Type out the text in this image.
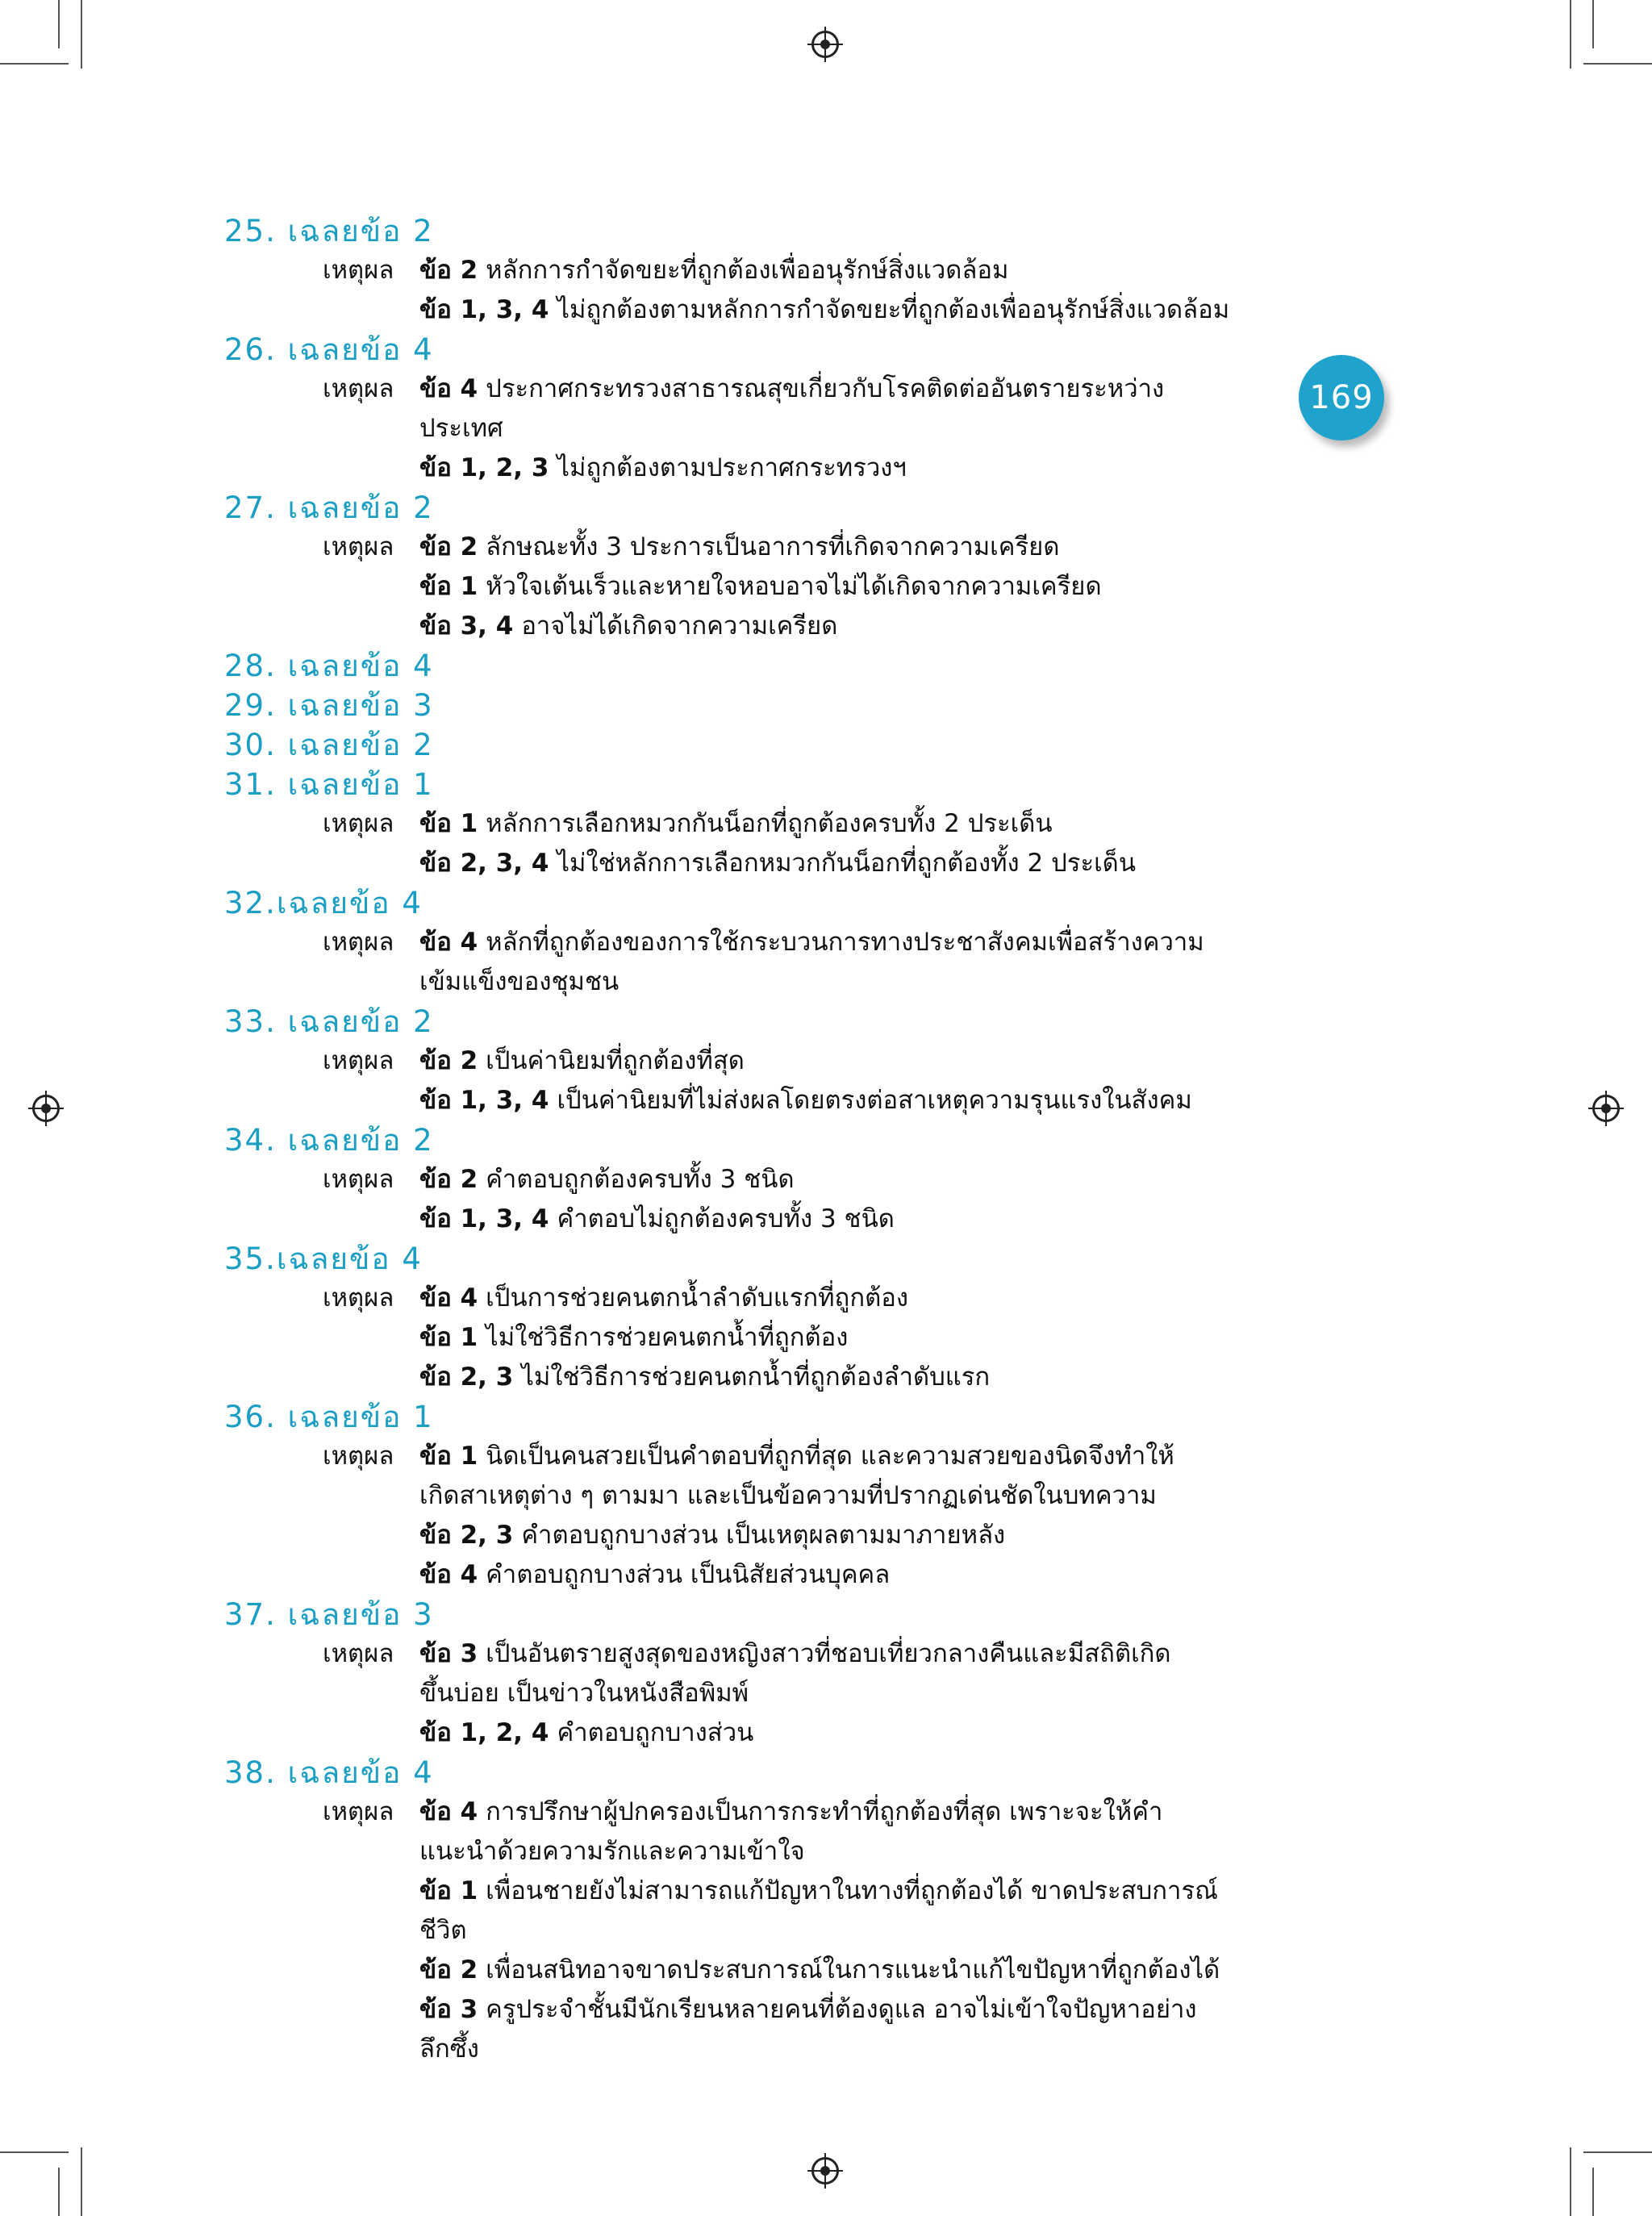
169
25. เฉลยข้อ 2
เหตุผล	ข้อ 2 หลักการกำจัดขยะที่ถูกต้องเพื่ออนุรักษ์สิ่งแวดล้อม
ข้อ 1, 3, 4 ไม่ถูกต้องตามหลักการกำจัดขยะที่ถูกต้องเพื่ออนุรักษ์สิ่งแวดล้อม
26. เฉลยข้อ 4
เหตุผล	ข้อ 4 ประกาศกระทรวงสาธารณสุขเกี่ยวกับโรคติดต่ออันตรายระหว่าง
ประเทศ
ข้อ 1, 2, 3 ไม่ถูกต้องตามประกาศกระทรวงฯ
27. เฉลยข้อ 2
เหตุผล	ข้อ 2 ลักษณะทั้ง 3 ประการเป็นอาการที่เกิดจากความเครียด
ข้อ 1 หัวใจเต้นเร็วและหายใจหอบอาจไม่ได้เกิดจากความเครียด
ข้อ 3, 4 อาจไม่ได้เกิดจากความเครียด
28. เฉลยข้อ 4
29. เฉลยข้อ 3
30. เฉลยข้อ 2
31. เฉลยข้อ 1
เหตุผล	ข้อ 1 หลักการเลือกหมวกกันน็อกที่ถูกต้องครบทั้ง 2 ประเด็น
ข้อ 2, 3, 4 ไม่ใช่หลักการเลือกหมวกกันน็อกที่ถูกต้องทั้ง 2 ประเด็น
32.เฉลยข้อ 4
เหตุผล	ข้อ 4 หลักที่ถูกต้องของการใช้กระบวนการทางประชาสังคมเพื่อสร้างความ
เข้มแข็งของชุมชน
33. เฉลยข้อ 2
เหตุผล	ข้อ 2 เป็นค่านิยมที่ถูกต้องที่สุด
ข้อ 1, 3, 4 เป็นค่านิยมที่ไม่ส่งผลโดยตรงต่อสาเหตุความรุนแรงในสังคม
34. เฉลยข้อ 2
เหตุผล	ข้อ 2 คำตอบถูกต้องครบทั้ง 3 ชนิด
ข้อ 1, 3, 4 คำตอบไม่ถูกต้องครบทั้ง 3 ชนิด
35.เฉลยข้อ 4
เหตุผล	ข้อ 4 เป็นการช่วยคนตกน้ำลำดับแรกที่ถูกต้อง
ข้อ 1 ไม่ใช่วิธีการช่วยคนตกน้ำที่ถูกต้อง
ข้อ 2, 3 ไม่ใช่วิธีการช่วยคนตกน้ำที่ถูกต้องลำดับแรก
36. เฉลยข้อ 1
เหตุผล	ข้อ 1 นิดเป็นคนสวยเป็นคำตอบที่ถูกที่สุด และความสวยของนิดจึงทำให้
เกิดสาเหตุต่าง ๆ ตามมา และเป็นข้อความที่ปรากฏเด่นชัดในบทความ
ข้อ 2, 3 คำตอบถูกบางส่วน เป็นเหตุผลตามมาภายหลัง
ข้อ 4 คำตอบถูกบางส่วน เป็นนิสัยส่วนบุคคล
37. เฉลยข้อ 3
เหตุผล	ข้อ 3 เป็นอันตรายสูงสุดของหญิงสาวที่ชอบเที่ยวกลางคืนและมีสถิติเกิด
ขึ้นบ่อย เป็นข่าวในหนังสือพิมพ์
ข้อ 1, 2, 4 คำตอบถูกบางส่วน
38. เฉลยข้อ 4
เหตุผล	ข้อ 4 การปรึกษาผู้ปกครองเป็นการกระทำที่ถูกต้องที่สุด เพราะจะให้คำ
แนะนำด้วยความรักและความเข้าใจ
ข้อ 1 เพื่อนชายยังไม่สามารถแก้ปัญหาในทางที่ถูกต้องได้ ขาดประสบการณ์
ชีวิต
ข้อ 2 เพื่อนสนิทอาจขาดประสบการณ์ในการแนะนำแก้ไขปัญหาที่ถูกต้องได้
ข้อ 3 ครูประจำชั้นมีนักเรียนหลายคนที่ต้องดูแล อาจไม่เข้าใจปัญหาอย่าง
ลึกซึ้ง
